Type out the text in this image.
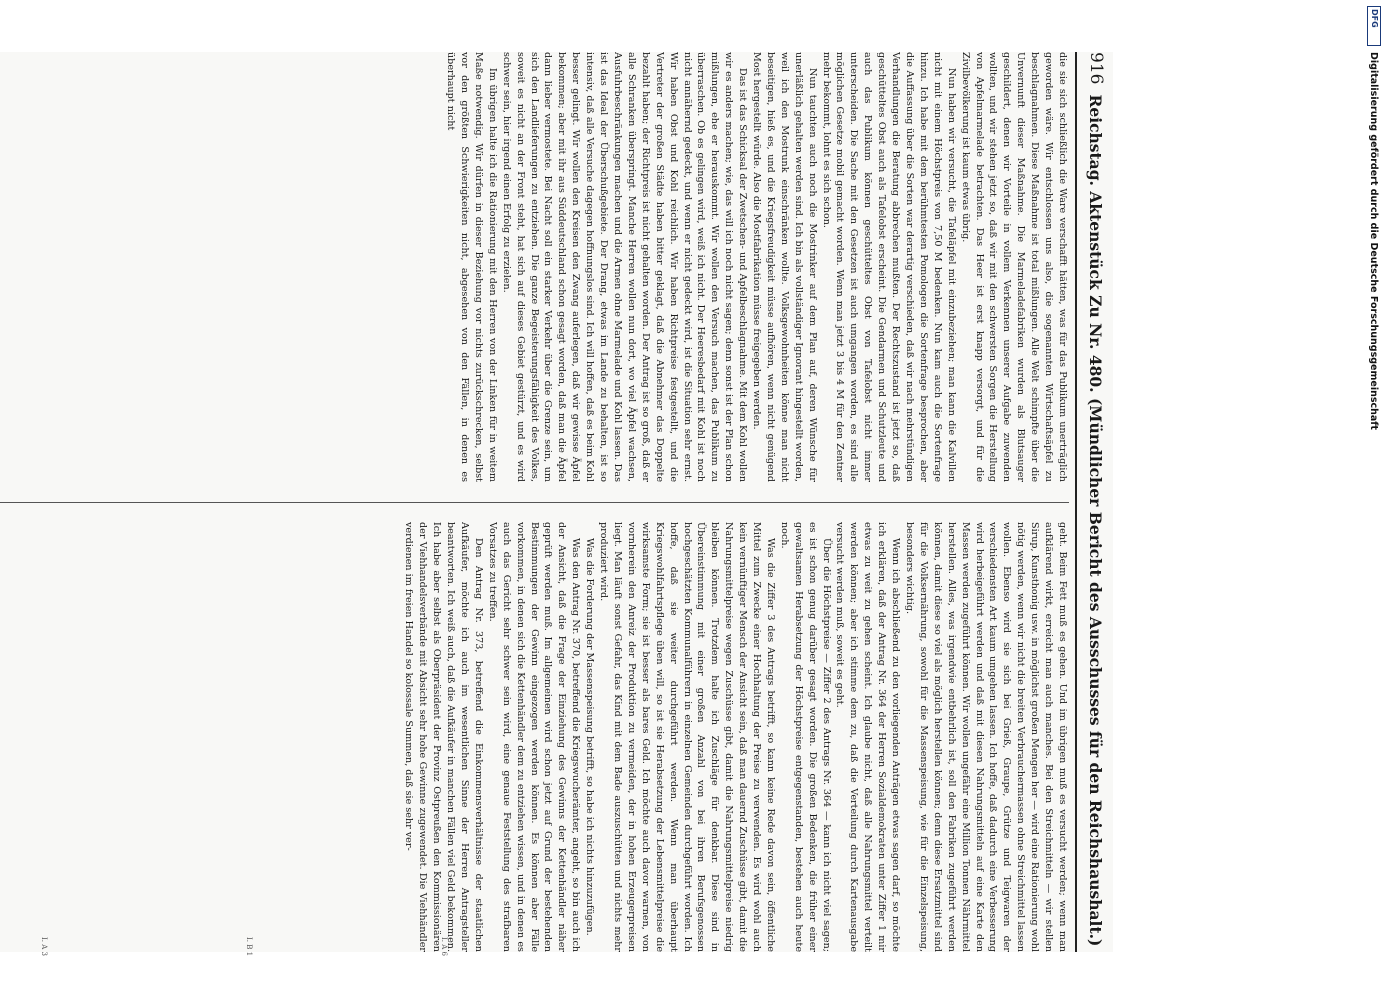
916
Reichstag. Aktenstück Zu Nr. 480. (Mündlicher Bericht des Ausschusses für den Reichshaushalt.)

die sie sich schließlich die Ware verschafft hätten, was für das Publikum unerträglich geworden wäre. Wir entschlossen uns also, die sogenannten Wirtschaftsäpfel zu beschlagnahmen. Diese Maßnahme ist total mißlungen. Alle Welt schimpfte über die Unvernunft dieser Maßnahme. Die Marmeladefabriken wurden als Blutsauger geschildert, denen wir Vorteile in vollem Verkennen unserer Aufgabe zuwenden wollten, und wir stehen jetzt so, daß wir mit den schwersten Sorgen die Herstellung von Apfelmarmelade betrachten. Das Heer ist erst knapp versorgt, und für die Zivilbevölkerung ist kaum etwas übrig.

Nun haben wir versucht, die Tafeläpfel mit einzubeziehen; man kann die Kalvillen nicht mit einem Höchstpreis von 7,50 M bedenken. Nun kam auch die Sortenfrage hinzu. Ich habe mit dem berühmtesten Pomologen die Sortenfrage besprochen, aber die Auffassung über die Sorten war derartig verschieden, daß wir nach mehrstündigen Verhandlungen die Beratung abbrechen mußten. Der Rechtszustand ist jetzt so, daß geschütteltes Obst auch als Tafelobst erscheint. Die Gendarmen und Schutzleute und auch das Publikum können geschütteltes Obst von Tafelobst nicht immer unterscheiden. Die Sache mit den Gesetzen ist auch umgangen worden, es sind alle möglichen Gesetze mobil gemacht worden. Wenn man jetzt 3 bis 4 M für den Zentner mehr bekommt, lohnt es sich schon.

Nun tauchten auch noch die Mostrinker auf dem Plan auf, deren Wünsche für unerläßlich gehalten werden sind. Ich bin als vollständiger Ignorant hingestellt worden, weil ich den Mostrunk einschränken wollte. Volksgewohnheiten könne man nicht beseitigen, hieß es, und die Kriegsfreudigkeit müsse aufhören, wenn nicht genügend Most hergestellt würde. Also die Mostfabrikation müsse freigegeben werden.

Das ist das Schicksal der Zwetschen- und Apfelbeschlagnahme. Mit dem Kohl wollen wir es anders machen; wie, das will ich noch nicht sagen; denn sonst ist der Plan schon mißlungen, ehe er herauskommt. Wir wollen den Versuch machen, das Publikum zu überraschen. Ob es gelingen wird, weiß ich nicht. Der Heeresbedarf mit Kohl ist noch nicht annähernd gedeckt, und wenn er nicht gedeckt wird, ist die Situation sehr ernst. Wir haben Obst und Kohl reichlich. Wir haben Richtpreise festgestellt, und die Vertreter der großen Städte haben bitter geklagt, daß die Abnehmer das Doppelte bezahlt haben; der Richtpreis ist nicht gehalten worden. Der Antrag ist so groß, daß er alle Schranken überspringt. Manche Herren wollen nun dort, wo viel Äpfel wachsen, Ausfuhrbeschränkungen machen und die Armen ohne Marmelade und Kohl lassen. Das ist das Ideal der Überschußgebiete. Der Drang, etwas im Lande zu behalten, ist so intensiv, daß alle Versuche dagegen hoffnungslos sind. Ich will hoffen, daß es beim Kohl besser gelingt. Wir wollen den Kreisen den Zwang auferlegen, daß wir gewisse Äpfel bekommen; aber mit ihr aus Süddeutschland schon gesagt worden, daß man die Äpfel dann lieber vermostete. Bei Nacht soll ein starker Verkehr über die Grenze sein, um sich den Landlieferungen zu entziehen. Die ganze Begeisterungsfähigkeit des Volkes, soweit es nicht an der Front steht, hat sich auf dieses Gebiet gestürzt, und es wird schwer sein, hier irgend einen Erfolg zu erzielen.

Im übrigen halte ich die Rationierung mit den Herren von der Linken für in weitem Maße notwendig. Wir dürfen in dieser Beziehung vor nichts zurückschrecken, selbst vor den größten Schwierigkeiten nicht, abgesehen von den Fällen, in denen es überhaupt nicht

geht. Beim Fett muß es gehen. Und im übrigen muß es versucht werden; wenn man aufklärend wirkt, erreicht man auch manches. Bei den Streichmitteln — wir stellen Sirup, Kunsthonig usw. in möglichst großen Mengen her — wird eine Rationierung wohl nötig werden, wenn wir nicht die breiten Verbrauchermassen ohne Streichmittel lassen wollen. Ebenso wird sie sich bei Grieß, Graupe, Grütze und Teigwaren der verschiedensten Art kaum umgehen lassen. Ich hoffe, daß dadurch eine Verbesserung wird herbeigeführt werden und daß mit diesen Nahrungsmitteln auf eine Karte den Massen werden zugeführt können. Wir wollen ungefähr eine Million Tonnen Nährmittel herstellen. Alles, was irgendwie entbehrlich ist, soll den Fabriken zugeführt werden können, damit diese so viel als möglich herstellen können; denn diese Ersatzmittel sind für die Volksernährung, sowohl für die Massenspeisung, wie für die Einzelspeisung, besonders wichtig.

Wenn ich abschließend zu den vorliegenden Anträgen etwas sagen darf, so möchte ich erklären, daß der Antrag Nr. 364 der Herren Sozialdemokraten unter Ziffer 1 mir etwas zu weit zu gehen scheint. Ich glaube nicht, daß alle Nahrungsmittel verteilt werden können; aber ich stimme dem zu, daß die Verteilung durch Kartenausgabe versucht werden muß, soweit es geht.

Über die Höchstpreise — Ziffer 2 des Antrags Nr. 364 — kann ich nicht viel sagen; es ist schon genug darüber gesagt worden. Die großen Bedenken, die früher einer gewaltsamen Herabsetzung der Höchstpreise entgegenstanden, bestehen auch heute noch.

Was die Ziffer 3 des Antrags betrifft, so kann keine Rede davon sein, öffentliche Mittel zum Zwecke einer Hochhaltung der Preise zu verwenden. Es wird wohl auch kein vernünftiger Mensch der Ansicht sein, daß man dauernd Zuschüsse gibt, damit die Nahrungsmittelpreise wegen Zuschüsse gibt, damit die Nahrungsmittelpreise niedrig bleiben können. Trotzdem halte ich Zuschläge für denkbar. Diese sind in Übereinstimmung mit einer großen Anzahl von bei ihren Berufsgenossen hochgeschätzten Kommunalführern in einzelnen Gemeinden durchgeführt worden. Ich hoffe, daß sie weiter durchgeführt werden. Wenn man überhaupt Kriegswohlfahrtspflege üben will, so ist sie Herabsetzung der Lebensmittelpreise die wirksamste Form; sie ist besser als bares Geld. Ich möchte auch davor warnen, von vornherein den Anreiz der Produktion zu vermeiden, der in hohen Erzeugerpreisen liegt. Man läuft sonst Gefahr, das Kind mit dem Bade auszuschütten und nichts mehr produziert wird.

Was die Forderung der Massenspeisung betrifft, so habe ich nichts hinzuzufügen.

Was den Antrag Nr. 370, betreffend die Kriegswucherämter, angeht, so bin auch ich der Ansicht, daß die Frage der Einziehung des Gewinns der Kettenhändler näher geprüft werden muß. Im allgemeinen wird schon jetzt auf Grund der bestehenden Bestimmungen der Gewinn eingezogen werden können. Es können aber Fälle vorkommen, in denen sich die Kettenhändler dem zu entziehen wissen, und in denen es auch das Gericht sehr schwer sein wird, eine genaue Feststellung des strafbaren Vorsatzes zu treffen.

Den Antrag Nr. 373, betreffend die Einkommensverhältnisse der staatlichen Aufkäufer, möchte ich auch im wesentlichen Sinne der Herren Antragsteller beantworten. Ich weiß auch, daß die Aufkäufer in manchen Fällen viel Geld bekommen. Ich habe aber selbst als Oberpräsident der Provinz Ostpreußen den Kommissionären der Viehhandelsverbände mit Absicht sehr hohe Gewinne zugewendet. Die Viehhändler verdienen im freien Handel so kolossale Summen, daß sie sehr ver-

I. A 3	I. B 1	I. A 6
DFG
Digitalisierung gefördert durch die Deutsche Forschungsgemeinschaft
